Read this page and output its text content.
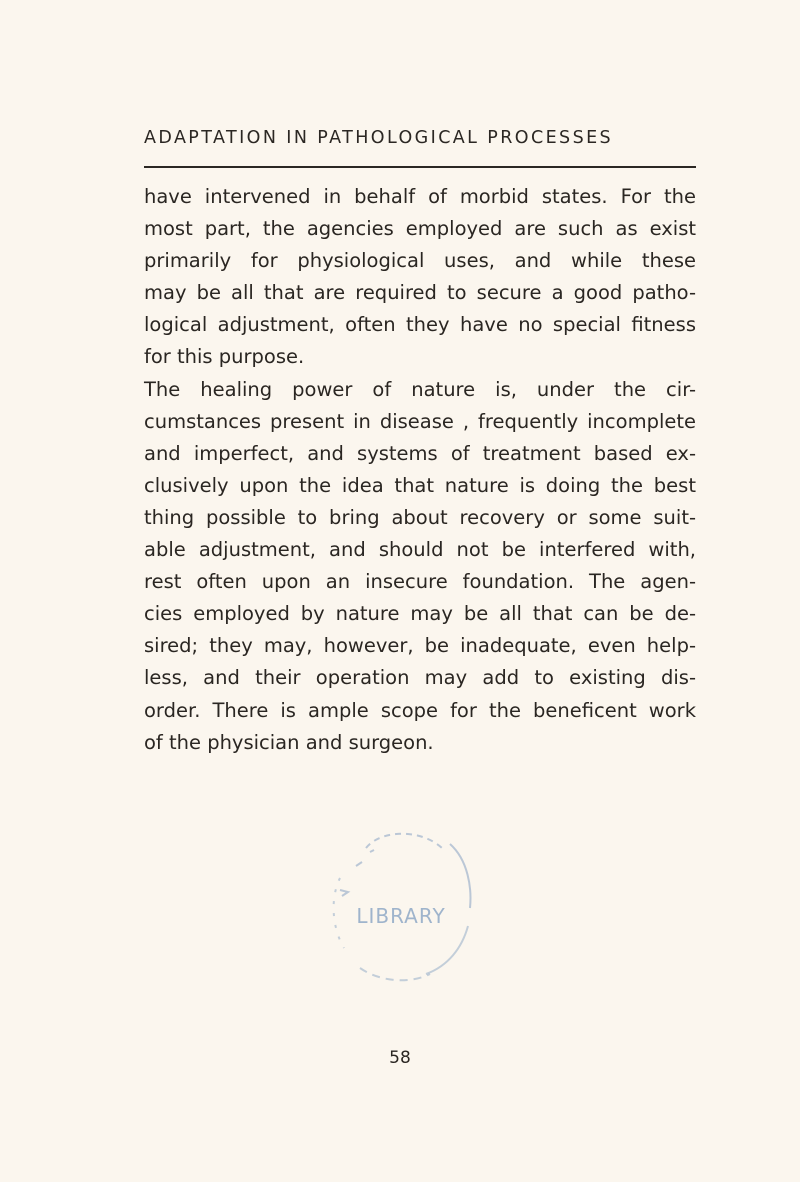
ADAPTATION IN PATHOLOGICAL PROCESSES
have intervened in behalf of morbid states. For the
most part, the agencies employed are such as exist
primarily for physiological uses, and while these
may be all that are required to secure a good patho-
logical adjustment, often they have no special fitness
for this purpose.
The healing power of nature is, under the cir-
cumstances present in disease , frequently incomplete
and imperfect, and systems of treatment based ex-
clusively upon the idea that nature is doing the best
thing possible to bring about recovery or some suit-
able adjustment, and should not be interfered with,
rest often upon an insecure foundation. The agen-
cies employed by nature may be all that can be de-
sired; they may, however, be inadequate, even help-
less, and their operation may add to existing dis-
order. There is ample scope for the beneficent work
of the physician and surgeon.
LIBRARY
58
